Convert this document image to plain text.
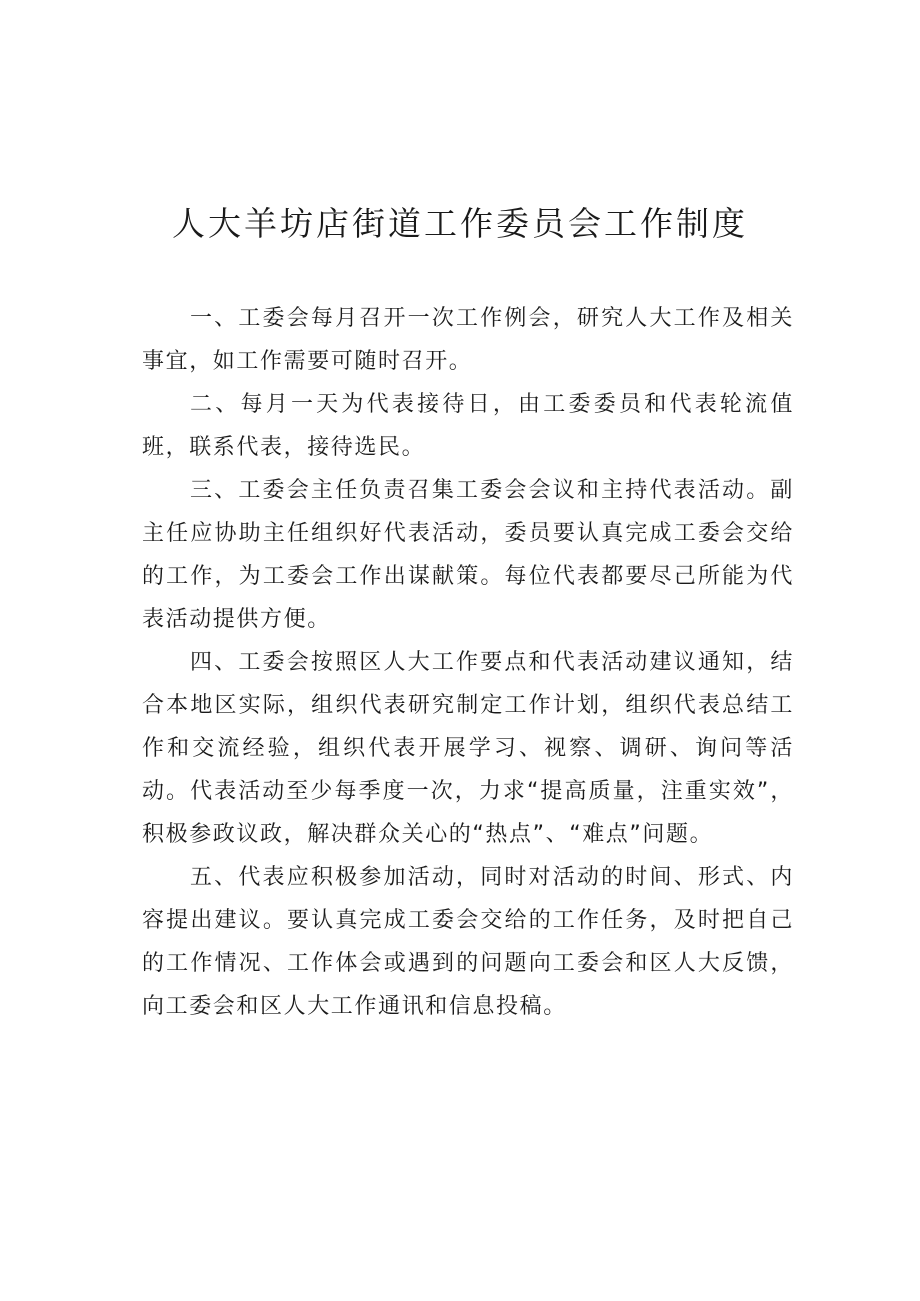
人大羊坊店街道工作委员会工作制度

一、工委会每月召开一次工作例会，研究人大工作及相关事宜，如工作需要可随时召开。

二、每月一天为代表接待日，由工委委员和代表轮流值班，联系代表，接待选民。

三、工委会主任负责召集工委会会议和主持代表活动。副主任应协助主任组织好代表活动，委员要认真完成工委会交给的工作，为工委会工作出谋献策。每位代表都要尽己所能为代表活动提供方便。

四、工委会按照区人大工作要点和代表活动建议通知，结合本地区实际，组织代表研究制定工作计划，组织代表总结工作和交流经验，组织代表开展学习、视察、调研、询问等活动。代表活动至少每季度一次，力求“提高质量，注重实效”，积极参政议政，解决群众关心的“热点”、“难点”问题。

五、代表应积极参加活动，同时对活动的时间、形式、内容提出建议。要认真完成工委会交给的工作任务，及时把自己的工作情况、工作体会或遇到的问题向工委会和区人大反馈，向工委会和区人大工作通讯和信息投稿。
